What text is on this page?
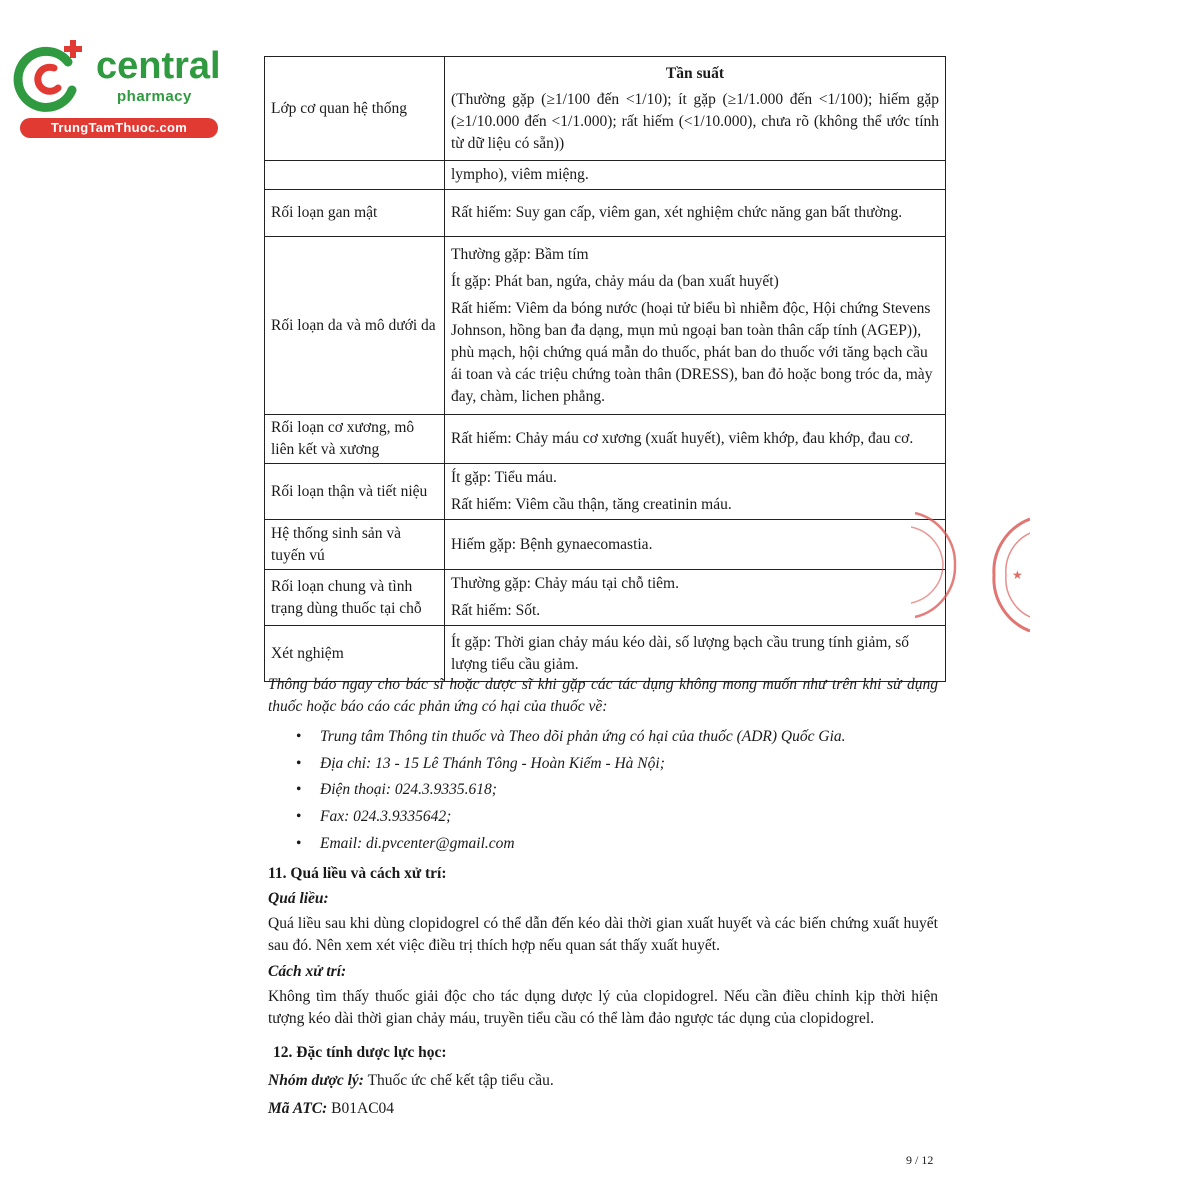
central
pharmacy
TrungTamThuoc.com
Lớp cơ quan hệ thống	Tần suất
(Thường gặp (≥1/100 đến <1/10); ít gặp (≥1/1.000 đến <1/100); hiếm gặp (≥1/10.000 đến <1/1.000); rất hiếm (<1/10.000), chưa rõ (không thể ước tính từ dữ liệu có sẵn))

	lympho), viêm miệng.

Rối loạn gan mật	Rất hiếm: Suy gan cấp, viêm gan, xét nghiệm chức năng gan bất thường.

Rối loạn da và mô dưới da	Thường gặp: Bầm tím
Ít gặp: Phát ban, ngứa, chảy máu da (ban xuất huyết)
Rất hiếm: Viêm da bóng nước (hoại tử biểu bì nhiễm độc, Hội chứng Stevens Johnson, hồng ban đa dạng, mụn mủ ngoại ban toàn thân cấp tính (AGEP)), phù mạch, hội chứng quá mẫn do thuốc, phát ban do thuốc với tăng bạch cầu ái toan và các triệu chứng toàn thân (DRESS), ban đỏ hoặc bong tróc da, mày đay, chàm, lichen phẳng.

Rối loạn cơ xương, mô liên kết và xương	Rất hiếm: Chảy máu cơ xương (xuất huyết), viêm khớp, đau khớp, đau cơ.

Rối loạn thận và tiết niệu	Ít gặp: Tiểu máu.
Rất hiếm: Viêm cầu thận, tăng creatinin máu.

Hệ thống sinh sản và tuyến vú	Hiếm gặp: Bệnh gynaecomastia.

Rối loạn chung và tình trạng dùng thuốc tại chỗ	Thường gặp: Chảy máu tại chỗ tiêm.
Rất hiếm: Sốt.

Xét nghiệm	Ít gặp: Thời gian chảy máu kéo dài, số lượng bạch cầu trung tính giảm, số lượng tiểu cầu giảm.

Thông báo ngay cho bác sĩ hoặc dược sĩ khi gặp các tác dụng không mong muốn như trên khi sử dụng thuốc hoặc báo cáo các phản ứng có hại của thuốc về:

• Trung tâm Thông tin thuốc và Theo dõi phản ứng có hại của thuốc (ADR) Quốc Gia.
• Địa chỉ: 13 - 15 Lê Thánh Tông - Hoàn Kiếm - Hà Nội;
• Điện thoại: 024.3.9335.618;
• Fax: 024.3.9335642;
• Email: di.pvcenter@gmail.com
11. Quá liều và cách xử trí:
Quá liều:

Quá liều sau khi dùng clopidogrel có thể dẫn đến kéo dài thời gian xuất huyết và các biến chứng xuất huyết sau đó. Nên xem xét việc điều trị thích hợp nếu quan sát thấy xuất huyết.

Cách xử trí:

Không tìm thấy thuốc giải độc cho tác dụng dược lý của clopidogrel. Nếu cần điều chỉnh kịp thời hiện tượng kéo dài thời gian chảy máu, truyền tiểu cầu có thể làm đảo ngược tác dụng của clopidogrel.

12. Đặc tính dược lực học:
Nhóm dược lý: Thuốc ức chế kết tập tiểu cầu.
Mã ATC: B01AC04
9 / 12
★
